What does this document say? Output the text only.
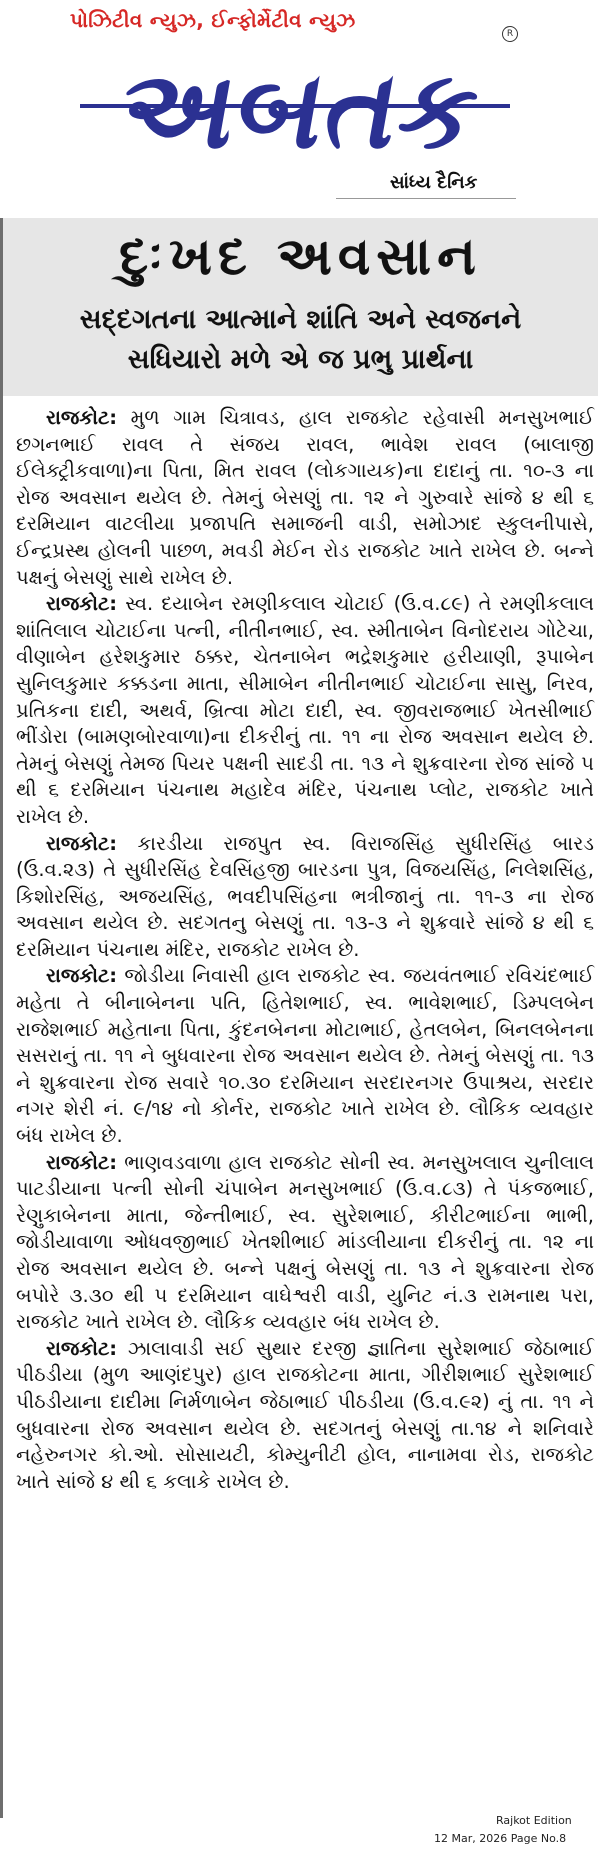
પોઝિટીવ ન્યુઝ, ઈન્ફોર્મેટીવ ન્યુઝ
R
અબતક
સાંધ્ય દૈનિક
દુઃખદ અવસાન
સદ્દગતના આત્માને શાંતિ અને સ્વજનને
સધિયારો મળે એ જ પ્રભુ પ્રાર્થના

રાજકોટ: મુળ ગામ ચિત્રાવડ, હાલ રાજકોટ રહેવાસી મનસુખભાઈ છગનભાઈ રાવલ તે સંજય રાવલ, ભાવેશ રાવલ (બાલાજી ઈલેક્ટ્રીકવાળા)ના પિતા, મિત રાવલ (લોકગાયક)ના દાદાનું તા. ૧૦-૩ ના રોજ અવસાન થયેલ છે. તેમનું બેસણું તા. ૧૨ ને ગુરુવારે સાંજે ૪ થી ૬ દરમિયાન વાટલીયા પ્રજાપતિ સમાજની વાડી, સમોઝાદ સ્કુલનીપાસે, ઈન્દ્રપ્રસ્થ હોલની પાછળ, મવડી મેઈન રોડ રાજકોટ ખાતે રાખેલ છે. બન્ને પક્ષનું બેસણું સાથે રાખેલ છે.

રાજકોટ: સ્વ. દયાબેન રમણીકલાલ ચોટાઈ (ઉ.વ.૮૯) તે રમણીકલાલ શાંતિલાલ ચોટાઈના પત્ની, નીતીનભાઈ, સ્વ. સ્મીતાબેન વિનોદરાય ગોટેચા, વીણાબેન હરેશકુમાર ઠક્કર, ચેતનાબેન ભદ્રેશકુમાર હરીયાણી, રૂપાબેન સુનિલકુમાર કક્કડના માતા, સીમાબેન નીતીનભાઈ ચોટાઈના સાસુ, નિરવ, પ્રતિકના દાદી, અથર્વ, બ્રિત્વા મોટા દાદી, સ્વ. જીવરાજભાઈ ખેતસીભાઈ ભીંડોરા (બામણબોરવાળા)ના દીકરીનું તા. ૧૧ ના રોજ અવસાન થયેલ છે. તેમનું બેસણું તેમજ પિયર પક્ષની સાદડી તા. ૧૩ ને શુક્રવારના રોજ સાંજે ૫ થી ૬ દરમિયાન પંચનાથ મહાદેવ મંદિર, પંચનાથ પ્લોટ, રાજકોટ ખાતે રાખેલ છે.

રાજકોટ: કારડીયા રાજપુત સ્વ. વિરાજસિંહ સુધીરસિંહ બારડ (ઉ.વ.૨૩) તે સુધીરસિંહ દેવસિંહજી બારડના પુત્ર, વિજયસિંહ, નિલેશસિંહ, કિશોરસિંહ, અજયસિંહ, ભવદીપસિંહના ભત્રીજાનું તા. ૧૧-૩ ના રોજ અવસાન થયેલ છે. સદગતનુ બેસણું તા. ૧૩-૩ ને શુક્રવારે સાંજે ૪ થી ૬ દરમિયાન પંચનાથ મંદિર, રાજકોટ રાખેલ છે.

રાજકોટ: જોડીયા નિવાસી હાલ રાજકોટ સ્વ. જયવંતભાઈ રવિચંદભાઈ મહેતા તે બીનાબેનના પતિ, હિતેશભાઈ, સ્વ. ભાવેશભાઈ, ડિમ્પલબેન રાજેશભાઈ મહેતાના પિતા, કુંદનબેનના મોટાભાઈ, હેતલબેન, બિનલબેનના સસરાનું તા. ૧૧ ને બુધવારના રોજ અવસાન થયેલ છે. તેમનું બેસણું તા. ૧૩ ને શુક્રવારના રોજ સવારે ૧૦.૩૦ દરમિયાન સરદારનગર ઉપાશ્રય, સરદાર નગર શેરી નં. ૯/૧૪ નો કોર્નર, રાજકોટ ખાતે રાખેલ છે. લૌકિક વ્યવહાર બંધ રાખેલ છે.

રાજકોટ: ભાણવડવાળા હાલ રાજકોટ સોની સ્વ. મનસુખલાલ ચુનીલાલ પાટડીયાના પત્ની સોની ચંપાબેન મનસુખભાઈ (ઉ.વ.૮૩) તે પંકજભાઈ, રેણુકાબેનના માતા, જેન્તીભાઈ, સ્વ. સુરેશભાઈ, કીરીટભાઈના ભાભી, જોડીયાવાળા ઓધવજીભાઈ ખેતશીભાઈ માંડલીયાના દીકરીનું તા. ૧૨ ના રોજ અવસાન થયેલ છે. બન્ને પક્ષનું બેસણું તા. ૧૩ ને શુક્રવારના રોજ બપોરે ૩.૩૦ થી ૫ દરમિયાન વાઘેશ્વરી વાડી, યુનિટ નં.૩ રામનાથ પરા, રાજકોટ ખાતે રાખેલ છે. લૌકિક વ્યવહાર બંધ રાખેલ છે.

રાજકોટ: ઝાલાવાડી સઈ સુથાર દરજી જ્ઞાતિના સુરેશભાઈ જેઠાભાઈ પીઠડીયા (મુળ આણંદપુર) હાલ રાજકોટના માતા, ગીરીશભાઈ સુરેશભાઈ પીઠડીયાના દાદીમા નિર્મળાબેન જેઠાભાઈ પીઠડીયા (ઉ.વ.૯૨) નું તા. ૧૧ ને બુધવારના રોજ અવસાન થયેલ છે. સદગતનું બેસણું તા.૧૪ ને શનિવારે નહેરુનગર કો.ઓ. સોસાયટી, કોમ્યુનીટી હોલ, નાનામવા રોડ, રાજકોટ ખાતે સાંજે ૪ થી ૬ કલાકે રાખેલ છે.

Rajkot Edition
12 Mar, 2026 Page No.8
